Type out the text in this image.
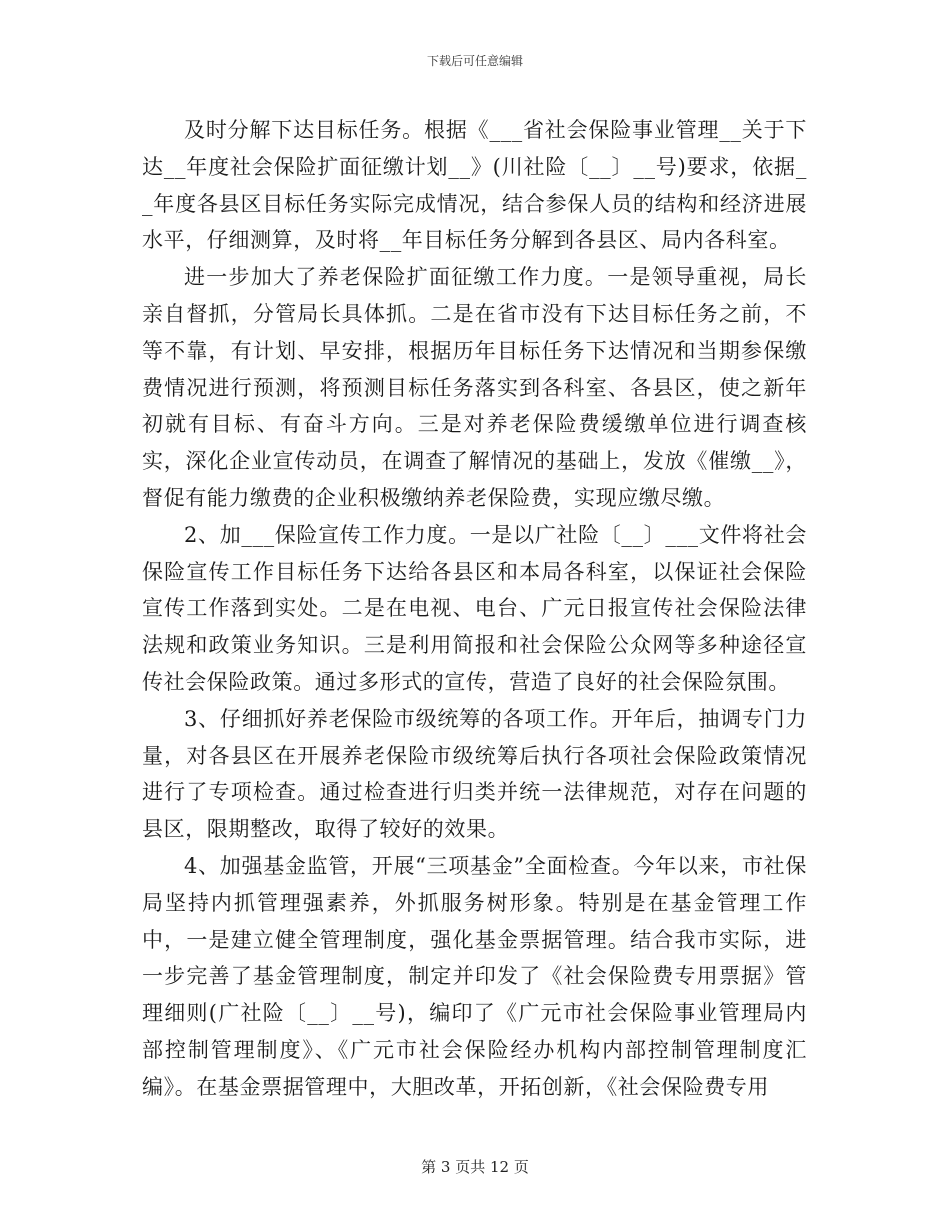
下载后可任意编辑

及时分解下达目标任务。根据《___省社会保险事业管理__关于下达__年度社会保险扩面征缴计划__》(川社险〔__〕__号)要求，依据__年度各县区目标任务实际完成情况，结合参保人员的结构和经济进展水平，仔细测算，及时将__年目标任务分解到各县区、局内各科室。

进一步加大了养老保险扩面征缴工作力度。一是领导重视，局长亲自督抓，分管局长具体抓。二是在省市没有下达目标任务之前，不等不靠，有计划、早安排，根据历年目标任务下达情况和当期参保缴费情况进行预测，将预测目标任务落实到各科室、各县区，使之新年初就有目标、有奋斗方向。三是对养老保险费缓缴单位进行调查核实，深化企业宣传动员，在调查了解情况的基础上，发放《催缴__》，督促有能力缴费的企业积极缴纳养老保险费，实现应缴尽缴。

2、加___保险宣传工作力度。一是以广社险〔__〕___文件将社会保险宣传工作目标任务下达给各县区和本局各科室，以保证社会保险宣传工作落到实处。二是在电视、电台、广元日报宣传社会保险法律法规和政策业务知识。三是利用简报和社会保险公众网等多种途径宣传社会保险政策。通过多形式的宣传，营造了良好的社会保险氛围。

3、仔细抓好养老保险市级统筹的各项工作。开年后，抽调专门力量，对各县区在开展养老保险市级统筹后执行各项社会保险政策情况进行了专项检查。通过检查进行归类并统一法律规范，对存在问题的县区，限期整改，取得了较好的效果。

4、加强基金监管，开展“三项基金”全面检查。今年以来，市社保局坚持内抓管理强素养，外抓服务树形象。特别是在基金管理工作中，一是建立健全管理制度，强化基金票据管理。结合我市实际，进一步完善了基金管理制度，制定并印发了《社会保险费专用票据》管理细则(广社险〔__〕__号)，编印了《广元市社会保险事业管理局内部控制管理制度》、《广元市社会保险经办机构内部控制管理制度汇编》。在基金票据管理中，大胆改革，开拓创新，《社会保险费专用

第 3 页共 12 页
